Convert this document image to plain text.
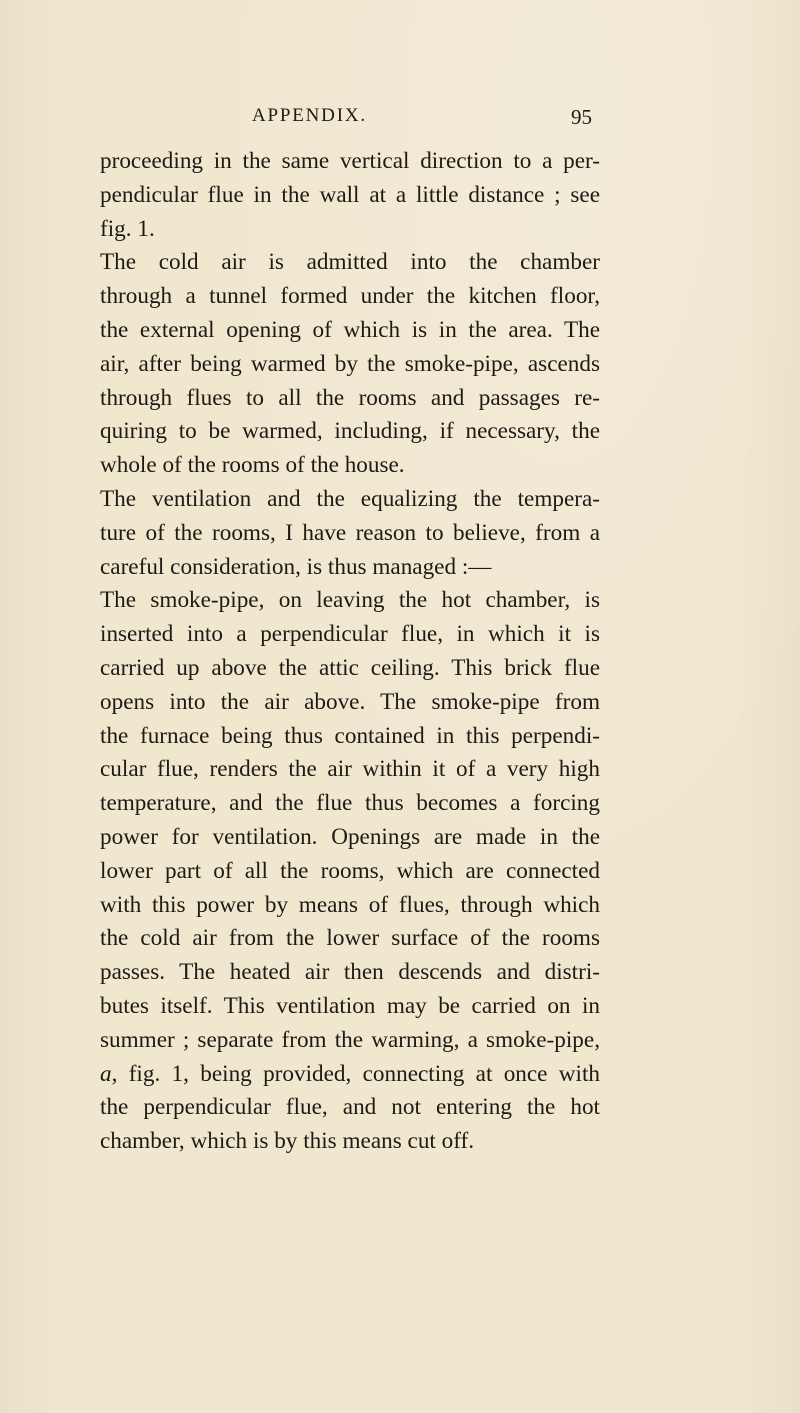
APPENDIX.	95
proceeding in the same vertical direction to a per-
pendicular flue in the wall at a little distance ; see
fig. 1.
The cold air is admitted into the chamber
through a tunnel formed under the kitchen floor,
the external opening of which is in the area. The
air, after being warmed by the smoke-pipe, ascends
through flues to all the rooms and passages re-
quiring to be warmed, including, if necessary, the
whole of the rooms of the house.
The ventilation and the equalizing the tempera-
ture of the rooms, I have reason to believe, from a
careful consideration, is thus managed :—
The smoke-pipe, on leaving the hot chamber, is
inserted into a perpendicular flue, in which it is
carried up above the attic ceiling. This brick flue
opens into the air above. The smoke-pipe from
the furnace being thus contained in this perpendi-
cular flue, renders the air within it of a very high
temperature, and the flue thus becomes a forcing
power for ventilation. Openings are made in the
lower part of all the rooms, which are connected
with this power by means of flues, through which
the cold air from the lower surface of the rooms
passes. The heated air then descends and distri-
butes itself. This ventilation may be carried on in
summer ; separate from the warming, a smoke-pipe,
a, fig. 1, being provided, connecting at once with
the perpendicular flue, and not entering the hot
chamber, which is by this means cut off.
